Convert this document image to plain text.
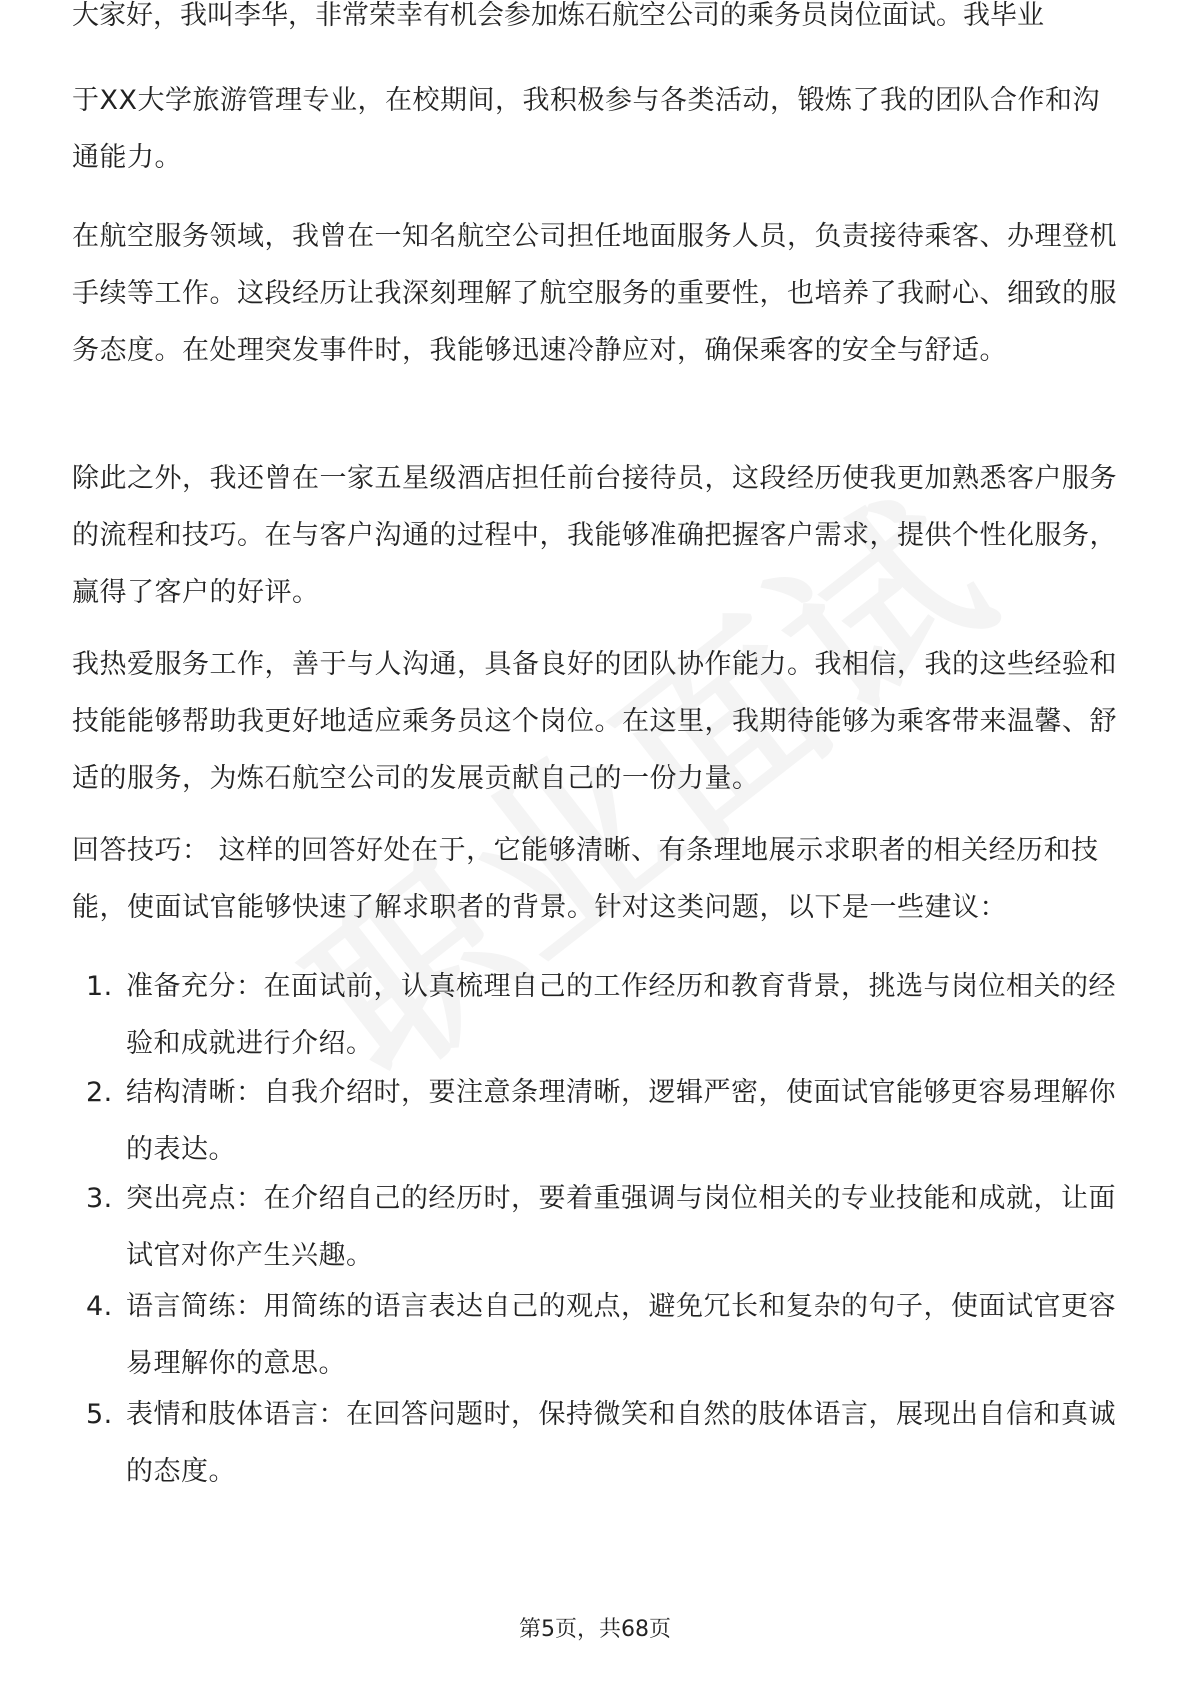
大家好，我叫李华，非常荣幸有机会参加炼石航空公司的乘务员岗位面试。我毕业

于XX大学旅游管理专业，在校期间，我积极参与各类活动，锻炼了我的团队合作和沟通能力。

在航空服务领域，我曾在一知名航空公司担任地面服务人员，负责接待乘客、办理登机手续等工作。这段经历让我深刻理解了航空服务的重要性，也培养了我耐心、细致的服务态度。在处理突发事件时，我能够迅速冷静应对，确保乘客的安全与舒适。

除此之外，我还曾在一家五星级酒店担任前台接待员，这段经历使我更加熟悉客户服务的流程和技巧。在与客户沟通的过程中，我能够准确把握客户需求，提供个性化服务，赢得了客户的好评。

我热爱服务工作，善于与人沟通，具备良好的团队协作能力。我相信，我的这些经验和技能能够帮助我更好地适应乘务员这个岗位。在这里，我期待能够为乘客带来温馨、舒适的服务，为炼石航空公司的发展贡献自己的一份力量。

回答技巧： 这样的回答好处在于，它能够清晰、有条理地展示求职者的相关经历和技能，使面试官能够快速了解求职者的背景。针对这类问题，以下是一些建议：

1. 准备充分：在面试前，认真梳理自己的工作经历和教育背景，挑选与岗位相关的经验和成就进行介绍。
2. 结构清晰：自我介绍时，要注意条理清晰，逻辑严密，使面试官能够更容易理解你的表达。
3. 突出亮点：在介绍自己的经历时，要着重强调与岗位相关的专业技能和成就，让面试官对你产生兴趣。
4. 语言简练：用简练的语言表达自己的观点，避免冗长和复杂的句子，使面试官更容易理解你的意思。
5. 表情和肢体语言：在回答问题时，保持微笑和自然的肢体语言，展现出自信和真诚的态度。
第5页，共68页
